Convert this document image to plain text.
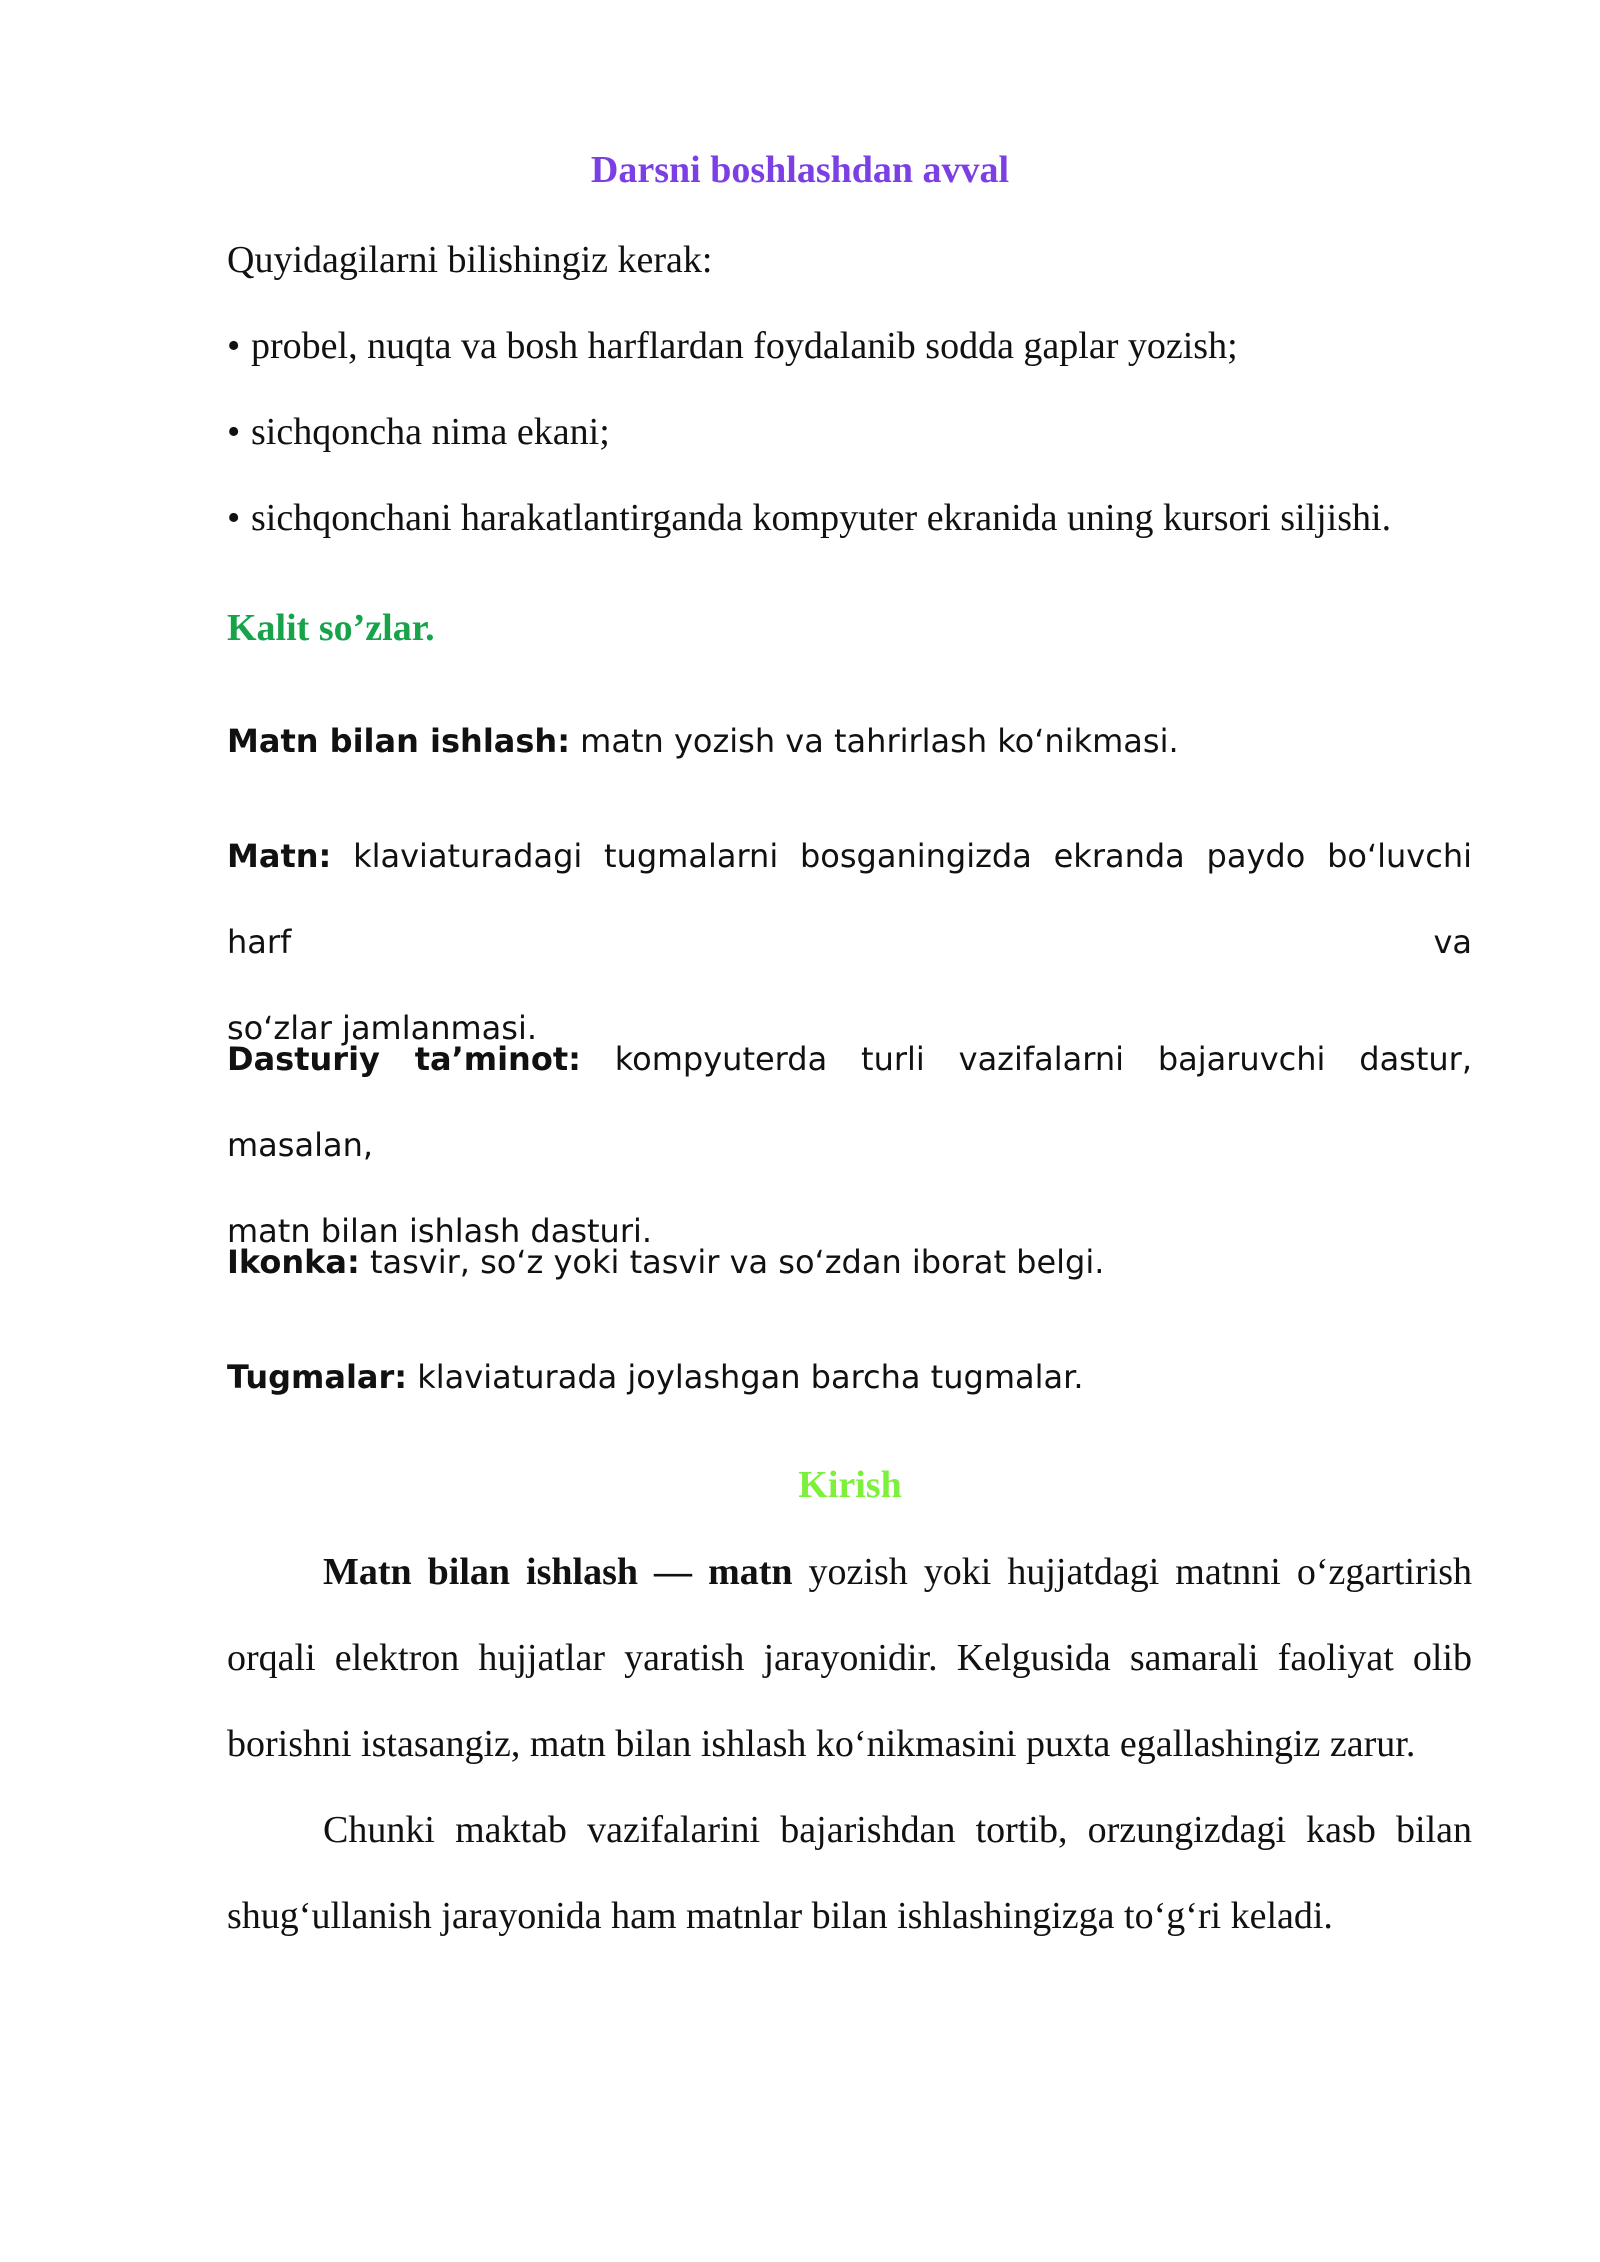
Darsni boshlashdan avval
Quyidagilarni bilishingiz kerak:
• probel, nuqta va bosh harflardan foydalanib sodda gaplar yozish;
• sichqoncha nima ekani;
• sichqonchani harakatlantirganda kompyuter ekranida uning kursori siljishi.
Kalit so’zlar.
Matn bilan ishlash: matn yozish va tahrirlash ko‘nikmasi.
Matn: klaviaturadagi tugmalarni bosganingizda ekranda paydo bo‘luvchi harf va
so‘zlar jamlanmasi.
Dasturiy ta’minot: kompyuterda turli vazifalarni bajaruvchi dastur, masalan,
matn bilan ishlash dasturi.
Ikonka: tasvir, so‘z yoki tasvir va so‘zdan iborat belgi.
Tugmalar: klaviaturada joylashgan barcha tugmalar.
Kirish
Matn bilan ishlash — matn yozish yoki hujjatdagi matnni o‘zgartirish
orqali elektron hujjatlar yaratish jarayonidir. Kelgusida samarali faoliyat olib
borishni istasangiz, matn bilan ishlash ko‘nikmasini puxta egallashingiz zarur.
Chunki maktab vazifalarini bajarishdan tortib, orzungizdagi kasb bilan
shug‘ullanish jarayonida ham matnlar bilan ishlashingizga to‘g‘ri keladi.
